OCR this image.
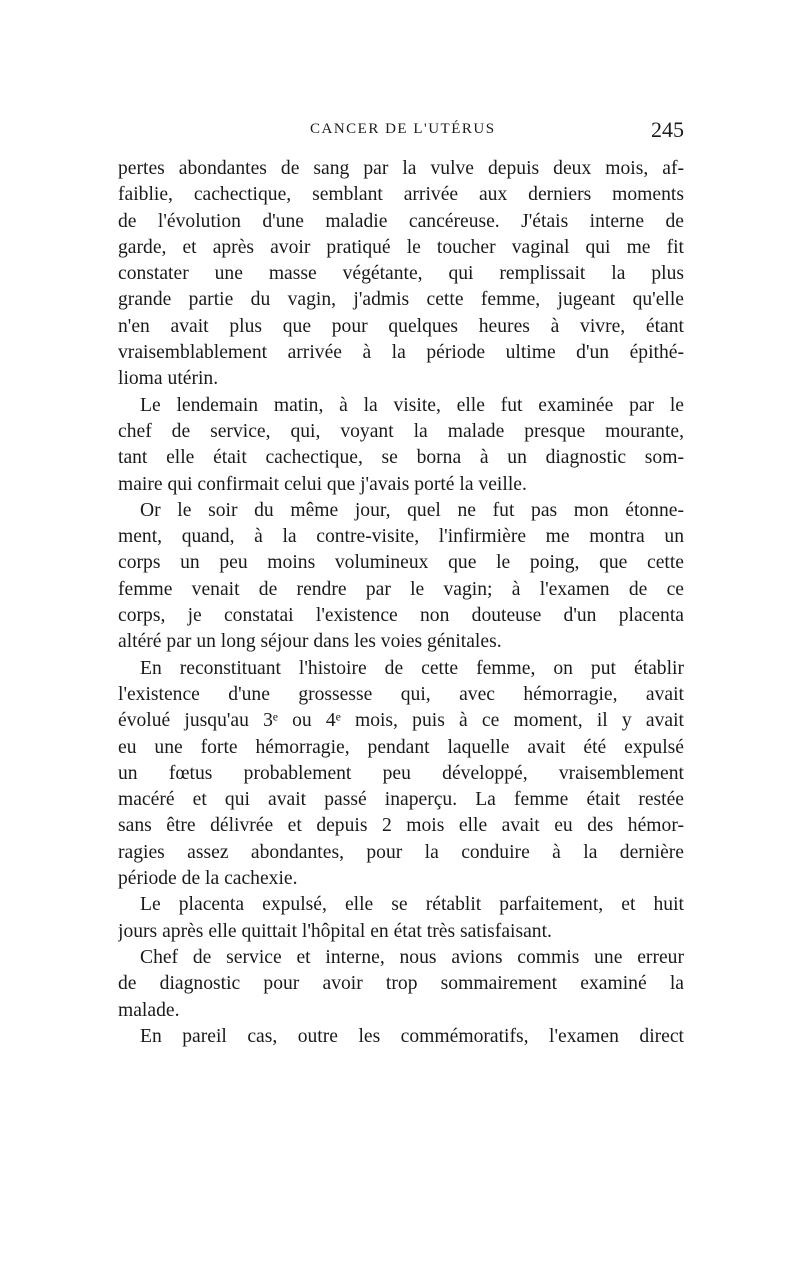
CANCER DE L'UTÉRUS	245
pertes abondantes de sang par la vulve depuis deux mois, af-
faiblie, cachectique, semblant arrivée aux derniers moments
de l'évolution d'une maladie cancéreuse. J'étais interne de
garde, et après avoir pratiqué le toucher vaginal qui me fit
constater une masse végétante, qui remplissait la plus
grande partie du vagin, j'admis cette femme, jugeant qu'elle
n'en avait plus que pour quelques heures à vivre, étant
vraisemblablement arrivée à la période ultime d'un épithé-
lioma utérin.
Le lendemain matin, à la visite, elle fut examinée par le
chef de service, qui, voyant la malade presque mourante,
tant elle était cachectique, se borna à un diagnostic som-
maire qui confirmait celui que j'avais porté la veille.
Or le soir du même jour, quel ne fut pas mon étonne-
ment, quand, à la contre-visite, l'infirmière me montra un
corps un peu moins volumineux que le poing, que cette
femme venait de rendre par le vagin; à l'examen de ce
corps, je constatai l'existence non douteuse d'un placenta
altéré par un long séjour dans les voies génitales.
En reconstituant l'histoire de cette femme, on put établir
l'existence d'une grossesse qui, avec hémorragie, avait
évolué jusqu'au 3ᵉ ou 4ᵉ mois, puis à ce moment, il y avait
eu une forte hémorragie, pendant laquelle avait été expulsé
un fœtus probablement peu développé, vraisemblement
macéré et qui avait passé inaperçu. La femme était restée
sans être délivrée et depuis 2 mois elle avait eu des hémor-
ragies assez abondantes, pour la conduire à la dernière
période de la cachexie.
Le placenta expulsé, elle se rétablit parfaitement, et huit
jours après elle quittait l'hôpital en état très satisfaisant.
Chef de service et interne, nous avions commis une erreur
de diagnostic pour avoir trop sommairement examiné la
malade.
En pareil cas, outre les commémoratifs, l'examen direct
